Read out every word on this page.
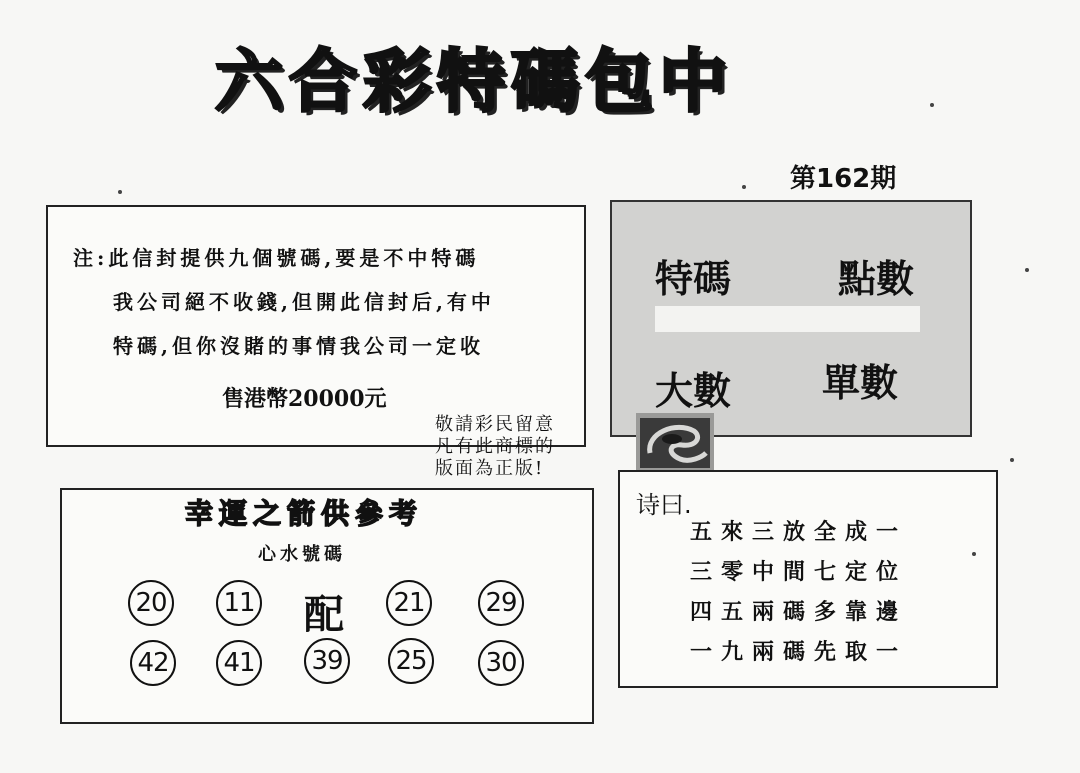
六合彩特碼包中
第162期
注:此信封提供九個號碼,要是不中特碼
我公司絕不收錢,但開此信封后,有中
特碼,但你沒賭的事情我公司一定收
售港幣20000元
特碼	點數
大數 單數
敬請彩民留意
凡有此商標的
版面為正版!
幸運之箭供參考
心水號碼
20 11 配 21 29
42 41 39 25 30
诗曰.
五來三放全成一
三零中間七定位
四五兩碼多靠邊
一九兩碼先取一
